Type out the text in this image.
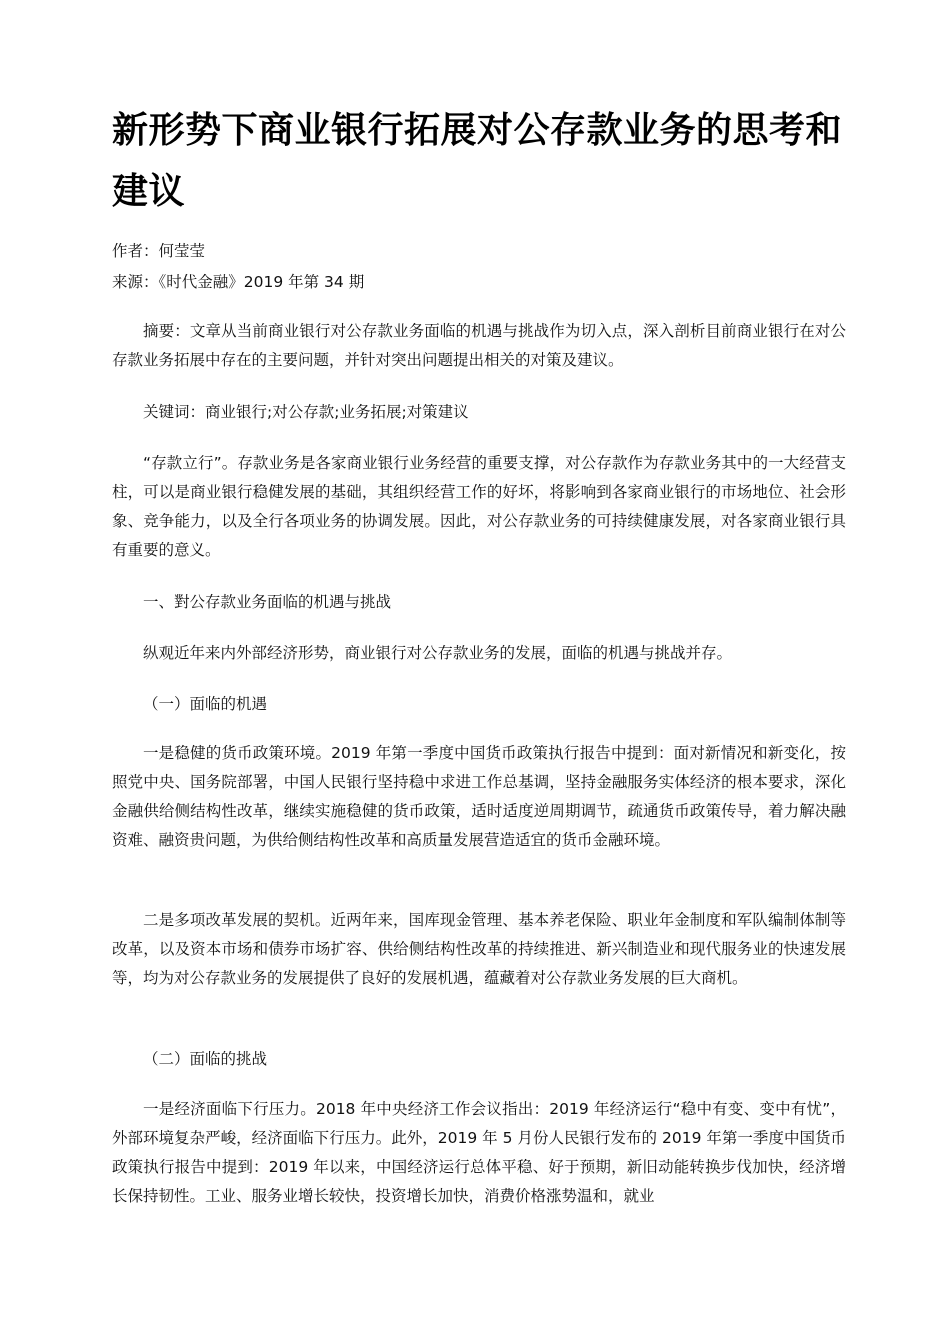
新形势下商业银行拓展对公存款业务的思考和建议
作者：何莹莹
来源：《时代金融》2019 年第 34 期

摘要：文章从当前商业银行对公存款业务面临的机遇与挑战作为切入点，深入剖析目前商业银行在对公存款业务拓展中存在的主要问题，并针对突出问题提出相关的对策及建议。

关键词：商业银行;对公存款;业务拓展;对策建议

“存款立行”。存款业务是各家商业银行业务经营的重要支撑，对公存款作为存款业务其中的一大经营支柱，可以是商业银行稳健发展的基础，其组织经营工作的好坏，将影响到各家商业银行的市场地位、社会形象、竞争能力，以及全行各项业务的协调发展。因此，对公存款业务的可持续健康发展，对各家商业银行具有重要的意义。

一、對公存款业务面临的机遇与挑战

纵观近年来内外部经济形势，商业银行对公存款业务的发展，面临的机遇与挑战并存。

（一）面临的机遇

一是稳健的货币政策环境。2019 年第一季度中国货币政策执行报告中提到：面对新情况和新变化，按照党中央、国务院部署，中国人民银行坚持稳中求进工作总基调，坚持金融服务实体经济的根本要求，深化金融供给侧结构性改革，继续实施稳健的货币政策，适时适度逆周期调节，疏通货币政策传导，着力解决融资难、融资贵问题，为供给侧结构性改革和高质量发展营造适宜的货币金融环境。

二是多项改革发展的契机。近两年来，国库现金管理、基本养老保险、职业年金制度和军队编制体制等改革，以及资本市场和债券市场扩容、供给侧结构性改革的持续推进、新兴制造业和现代服务业的快速发展等，均为对公存款业务的发展提供了良好的发展机遇，蕴藏着对公存款业务发展的巨大商机。

（二）面临的挑战

一是经济面临下行压力。2018 年中央经济工作会议指出：2019 年经济运行“稳中有变、变中有忧”，外部环境复杂严峻，经济面临下行压力。此外，2019 年 5 月份人民银行发布的 2019 年第一季度中国货币政策执行报告中提到：2019 年以来，中国经济运行总体平稳、好于预期，新旧动能转换步伐加快，经济增长保持韧性。工业、服务业增长较快，投资增长加快，消费价格涨势温和，就业
